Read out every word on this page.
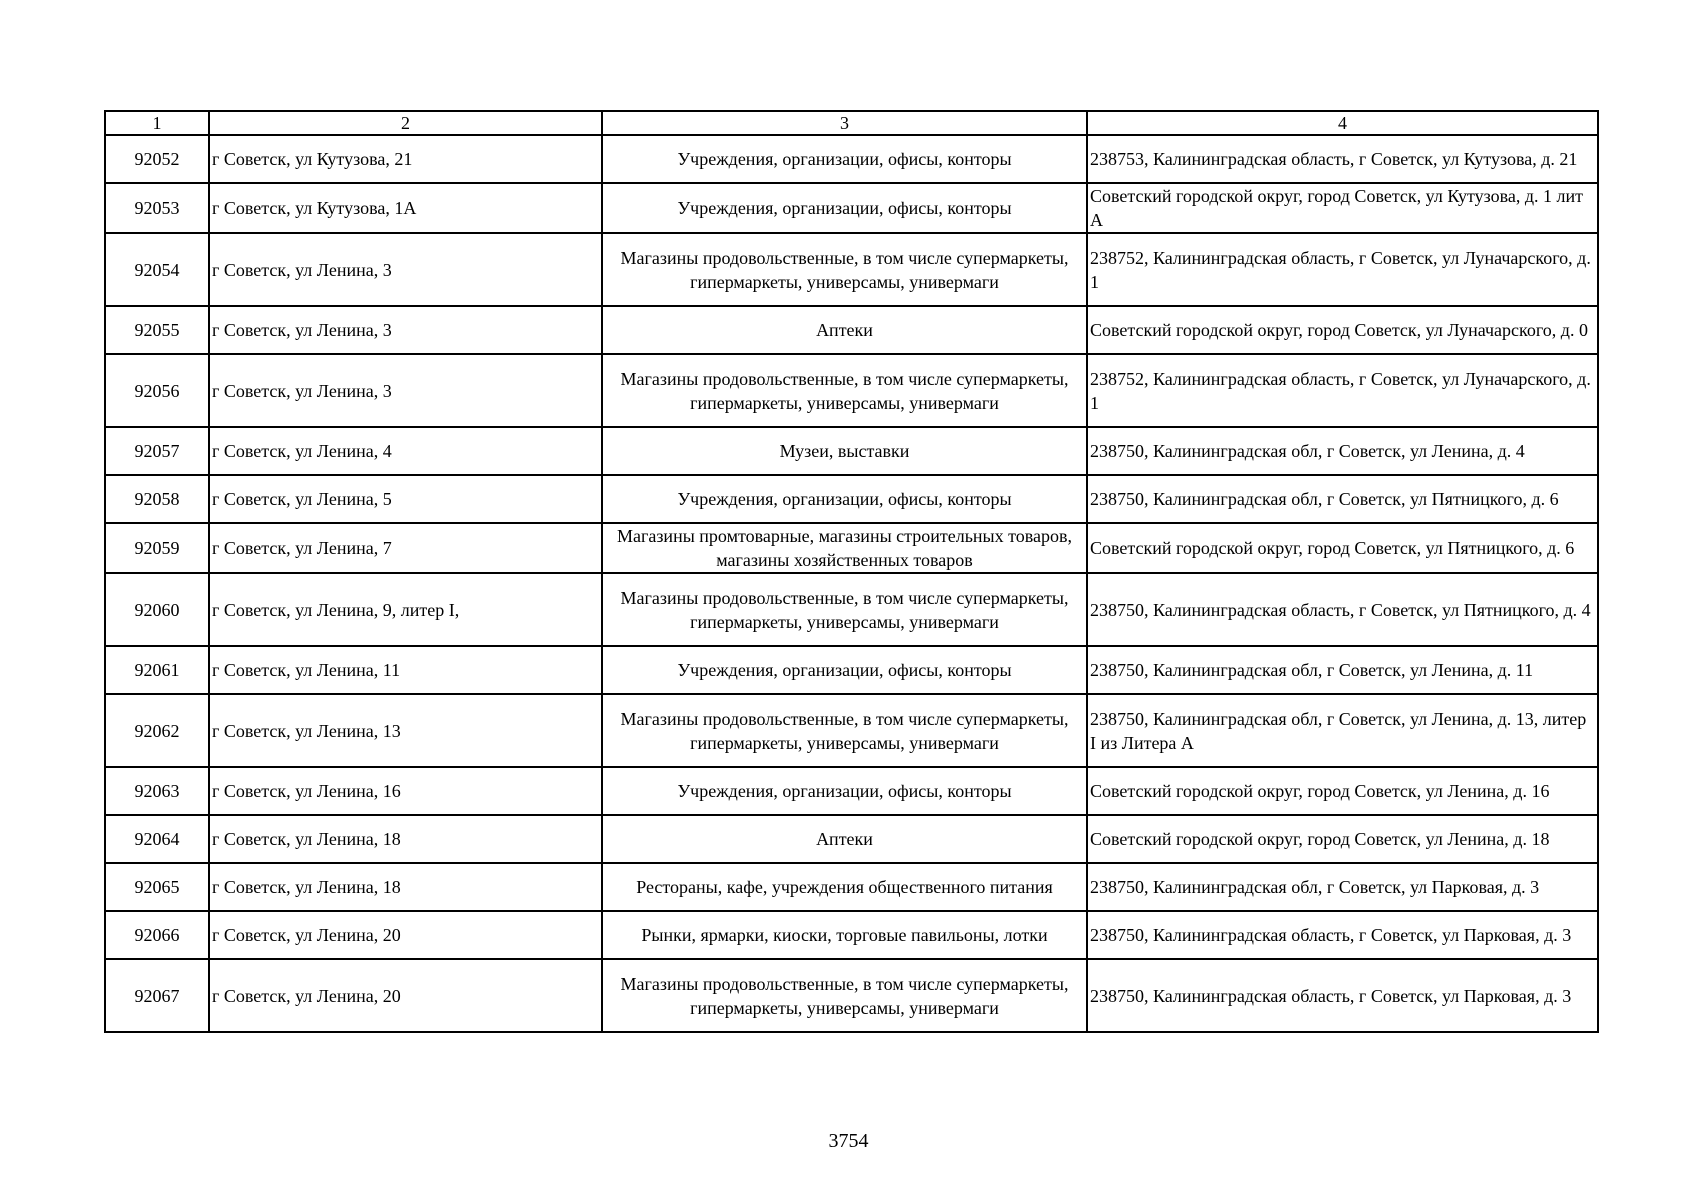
1	2	3	4
92052	г Советск, ул Кутузова, 21	Учреждения, организации, офисы, конторы	238753, Калининградская область, г Советск, ул Кутузова, д. 21
92053	г Советск, ул Кутузова, 1А	Учреждения, организации, офисы, конторы	Советский городской округ, город Советск, ул Кутузова, д. 1 лит А
92054	г Советск, ул Ленина, 3	Магазины продовольственные, в том числе супермаркеты, гипермаркеты, универсамы, универмаги	238752, Калининградская область, г Советск, ул Луначарского, д. 1
92055	г Советск, ул Ленина, 3	Аптеки	Советский городской округ, город Советск, ул Луначарского, д. 0
92056	г Советск, ул Ленина, 3	Магазины продовольственные, в том числе супермаркеты, гипермаркеты, универсамы, универмаги	238752, Калининградская область, г Советск, ул Луначарского, д. 1
92057	г Советск, ул Ленина, 4	Музеи, выставки	238750, Калининградская обл, г Советск, ул Ленина, д. 4
92058	г Советск, ул Ленина, 5	Учреждения, организации, офисы, конторы	238750, Калининградская обл, г Советск, ул Пятницкого, д. 6
92059	г Советск, ул Ленина, 7	Магазины промтоварные, магазины строительных товаров, магазины хозяйственных товаров	Советский городской округ, город Советск, ул Пятницкого, д. 6
92060	г Советск, ул Ленина, 9, литер I,	Магазины продовольственные, в том числе супермаркеты, гипермаркеты, универсамы, универмаги	238750, Калининградская область, г Советск, ул Пятницкого, д. 4
92061	г Советск, ул Ленина, 11	Учреждения, организации, офисы, конторы	238750, Калининградская обл, г Советск, ул Ленина, д. 11
92062	г Советск, ул Ленина, 13	Магазины продовольственные, в том числе супермаркеты, гипермаркеты, универсамы, универмаги	238750, Калининградская обл, г Советск, ул Ленина, д. 13, литер I из Литера А
92063	г Советск, ул Ленина, 16	Учреждения, организации, офисы, конторы	Советский городской округ, город Советск, ул Ленина, д. 16
92064	г Советск, ул Ленина, 18	Аптеки	Советский городской округ, город Советск, ул Ленина, д. 18
92065	г Советск, ул Ленина, 18	Рестораны, кафе, учреждения общественного питания	238750, Калининградская обл, г Советск, ул Парковая, д. 3
92066	г Советск, ул Ленина, 20	Рынки, ярмарки, киоски, торговые павильоны, лотки	238750, Калининградская область, г Советск, ул Парковая, д. 3
92067	г Советск, ул Ленина, 20	Магазины продовольственные, в том числе супермаркеты, гипермаркеты, универсамы, универмаги	238750, Калининградская область, г Советск, ул Парковая, д. 3
3754
